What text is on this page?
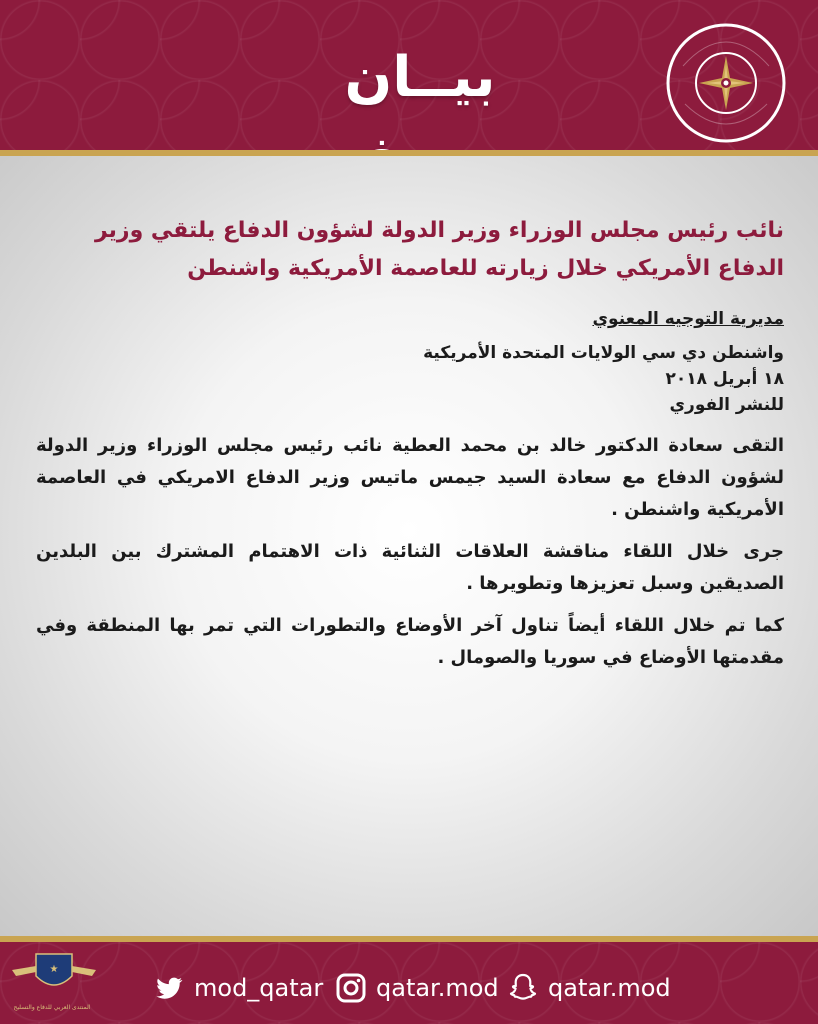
بيــان
نائب رئيس مجلس الوزراء وزير الدولة لشؤون الدفاع يلتقي وزير الدفاع الأمريكي خلال زيارته للعاصمة الأمريكية واشنطن
مديرية التوجيه المعنوي
واشنطن دي سي الولايات المتحدة الأمريكية
١٨ أبريل ٢٠١٨
للنشر الفوري
التقى سعادة الدكتور خالد بن محمد العطية نائب رئيس مجلس الوزراء وزير الدولة لشؤون الدفاع مع سعادة السيد جيمس ماتيس وزير الدفاع الامريكي في العاصمة الأمريكية واشنطن .
جرى خلال اللقاء مناقشة العلاقات الثنائية ذات الاهتمام المشترك بين البلدين الصديقين وسبل تعزيزها وتطويرها .
كما تم خلال اللقاء أيضاً تناول آخر الأوضاع والتطورات التي تمر بها المنطقة وفي مقدمتها الأوضاع في سوريا والصومال .
mod_qatar qatar.mod qatar.mod
★
المنتدى العربي للدفاع والتسليح
